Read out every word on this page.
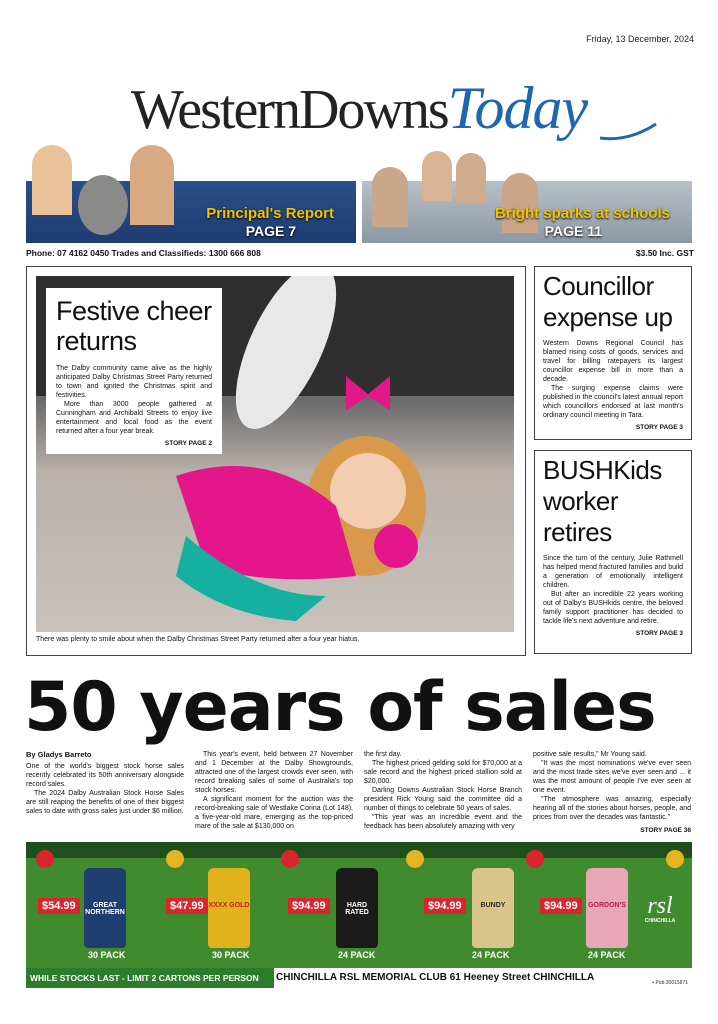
Friday, 13 December, 2024
WesternDownsToday
Principal's Report
PAGE 7
Bright sparks at schools
PAGE 11
Phone: 07 4162 0450 Trades and Classifieds: 1300 666 808	$3.50 Inc. GST
There was plenty to smile about when the Dalby Christmas Street Party returned after a four year hiatus.
Festive cheer
returns
The Dalby community came alive as the highly anticipated Dalby Christmas Street Party returned to town and ignited the Christmas spirit and festivities.
More than 3000 people gathered at Cunningham and Archibald Streets to enjoy live entertainment and local food as the event returned after a four year break.
STORY PAGE 2
Councillor
expense up
Western Downs Regional Council has blamed rising costs of goods, services and travel for billing ratepayers its largest councillor expense bill in more than a decade.
The surging expense claims were published in the council's latest annual report which councillors endorsed at last month's ordinary council meeting in Tara.
STORY PAGE 3
BUSHKids
worker
retires
Since the turn of the century, Julie Rathmell has helped mend fractured families and build a generation of emotionally intelligent children.
But after an incredible 22 years working out of Dalby's BUSHkids centre, the beloved family support practitioner has decided to tackle life's next adventure and retire.
STORY PAGE 3
50 years of sales
By Gladys Barreto

One of the world's biggest stock horse sales recently celebrated its 50th anniversary alongside record sales.

The 2024 Dalby Australian Stock Horse Sales are still reaping the benefits of one of their biggest sales to date with gross sales just under $6 million.

This year's event, held between 27 November and 1 December at the Dalby Showgrounds, attracted one of the largest crowds ever seen, with record breaking sales of some of Australia's top stock horses.

A significant moment for the auction was the record-breaking sale of Westlake Corina (Lot 148), a five-year-old mare, emerging as the top-priced mare of the sale at $130,000 on

the first day.

The highest priced gelding sold for $70,000 at a sale record and the highest priced stallion sold at $20,000.

Darling Downs Australian Stock Horse Branch president Rick Young said the committee did a number of things to celebrate 50 years of sales.

"This year was an incredible event and the feedback has been absolutely amazing with very

positive sale results," Mr Young said.

"It was the most nominations we've ever seen and the most trade sites we've ever seen and ... it was the most amount of people I've ever seen at one event.

"The atmosphere was amazing, especially hearing all of the stories about horses, people, and prices from over the decades was fantastic."

STORY PAGE 36
$54.99	GREAT NORTHERN
30 PACK
$47.99 XXXX GOLD
30 PACK
$94.99	HARD RATED
24 PACK
$94.99	BUNDY
24 PACK
$94.99	GORDON'S
24 PACK
rsl
CHINCHILLA
WHILE STOCKS LAST - LIMIT 2 CARTONS PER PERSON	CHINCHILLA RSL MEMORIAL CLUB 61 Heeney Street CHINCHILLA	• Pub.30015871
